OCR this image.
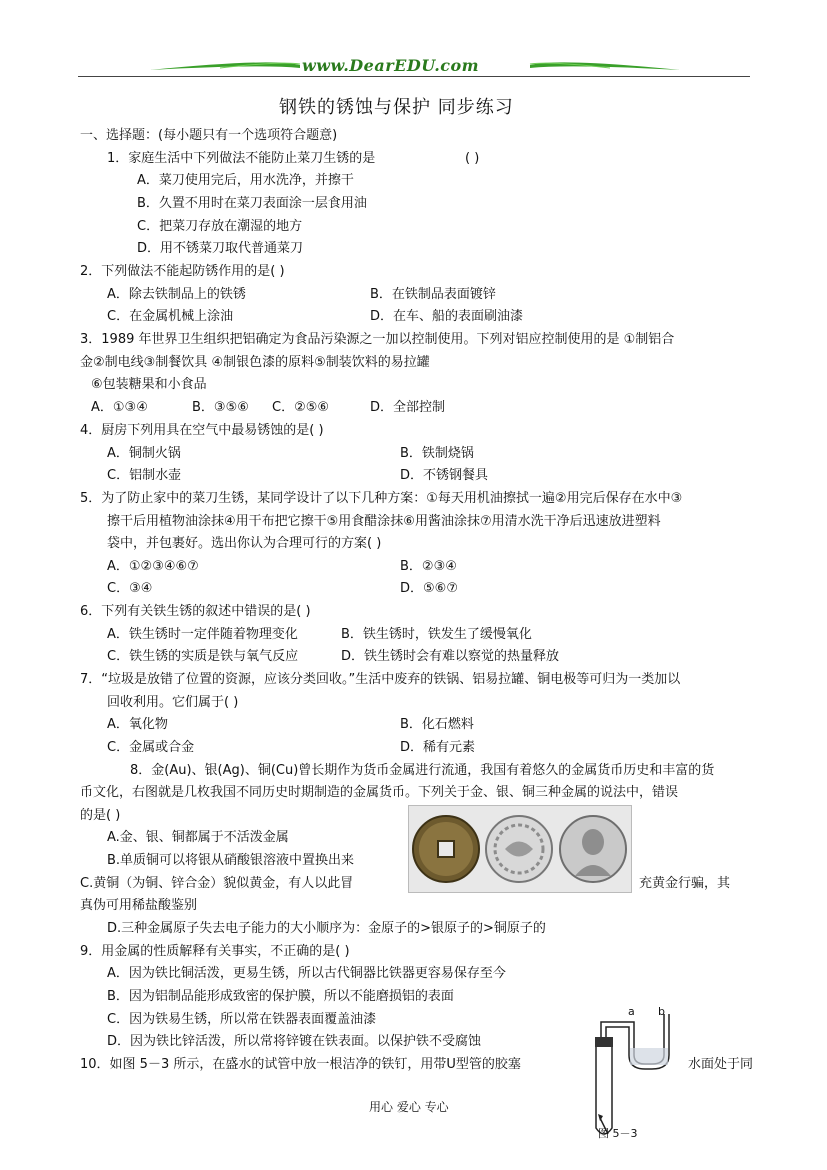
www.DearEDU.com
钢铁的锈蚀与保护 同步练习
一、选择题：(每小题只有一个选项符合题意)
1．家庭生活中下列做法不能防止菜刀生锈的是	( )
A．菜刀使用完后，用水洗净，并擦干
B．久置不用时在菜刀表面涂一层食用油
C．把菜刀存放在潮湿的地方
D．用不锈菜刀取代普通菜刀
2．下列做法不能起防锈作用的是( )
A．除去铁制品上的铁锈	B．在铁制品表面镀锌
C．在金属机械上涂油	D．在车、船的表面刷油漆
3．1989 年世界卫生组织把铝确定为食品污染源之一加以控制使用。下列对铝应控制使用的是 ①制铝合
金②制电线③制餐饮具 ④制银色漆的原料⑤制装饮料的易拉罐
⑥包装糖果和小食品
A．①③④	B．③⑤⑥ C．②⑤⑥	D．全部控制
4．厨房下列用具在空气中最易锈蚀的是( )
A．铜制火锅	B．铁制烧锅
C．铝制水壶	D．不锈钢餐具
5．为了防止家中的菜刀生锈，某同学设计了以下几种方案：①每天用机油擦拭一遍②用完后保存在水中③
擦干后用植物油涂抹④用干布把它擦干⑤用食醋涂抹⑥用酱油涂抹⑦用清水洗干净后迅速放进塑料
袋中，并包裹好。选出你认为合理可行的方案( )
A．①②③④⑥⑦	B．②③④
C．③④	D．⑤⑥⑦
6．下列有关铁生锈的叙述中错误的是( )
A．铁生锈时一定伴随着物理变化	B．铁生锈时，铁发生了缓慢氧化
C．铁生锈的实质是铁与氧气反应	D．铁生锈时会有难以察觉的热量释放
7．“垃圾是放错了位置的资源，应该分类回收。”生活中废弃的铁锅、铝易拉罐、铜电极等可归为一类加以
回收利用。它们属于( )
A．氧化物	B．化石燃料
C．金属或合金	D．稀有元素
8．金(Au)、银(Ag)、铜(Cu)曾长期作为货币金属进行流通，我国有着悠久的金属货币历史和丰富的货
币文化，右图就是几枚我国不同历史时期制造的金属货币。下列关于金、银、铜三种金属的说法中，错误
的是( )
A.金、银、铜都属于不活泼金属
B.单质铜可以将银从硝酸银溶液中置换出来
C.黄铜（为铜、锌合金）貌似黄金，有人以此冒	充黄金行骗，其
真伪可用稀盐酸鉴别
D.三种金属原子失去电子能力的大小顺序为：金原子的>银原子的>铜原子的
9．用金属的性质解释有关事实，不正确的是( )
A．因为铁比铜活泼，更易生锈，所以古代铜器比铁器更容易保存至今
B．因为铝制品能形成致密的保护膜，所以不能磨损铝的表面
C．因为铁易生锈，所以常在铁器表面覆盖油漆
D．因为铁比锌活泼，所以常将锌镀在铁表面。以保护铁不受腐蚀
10．如图 5－3 所示，在盛水的试管中放一根洁净的铁钉，用带U型管的胶塞	水面处于同
a b
图 5－3
用心 爱心 专心
